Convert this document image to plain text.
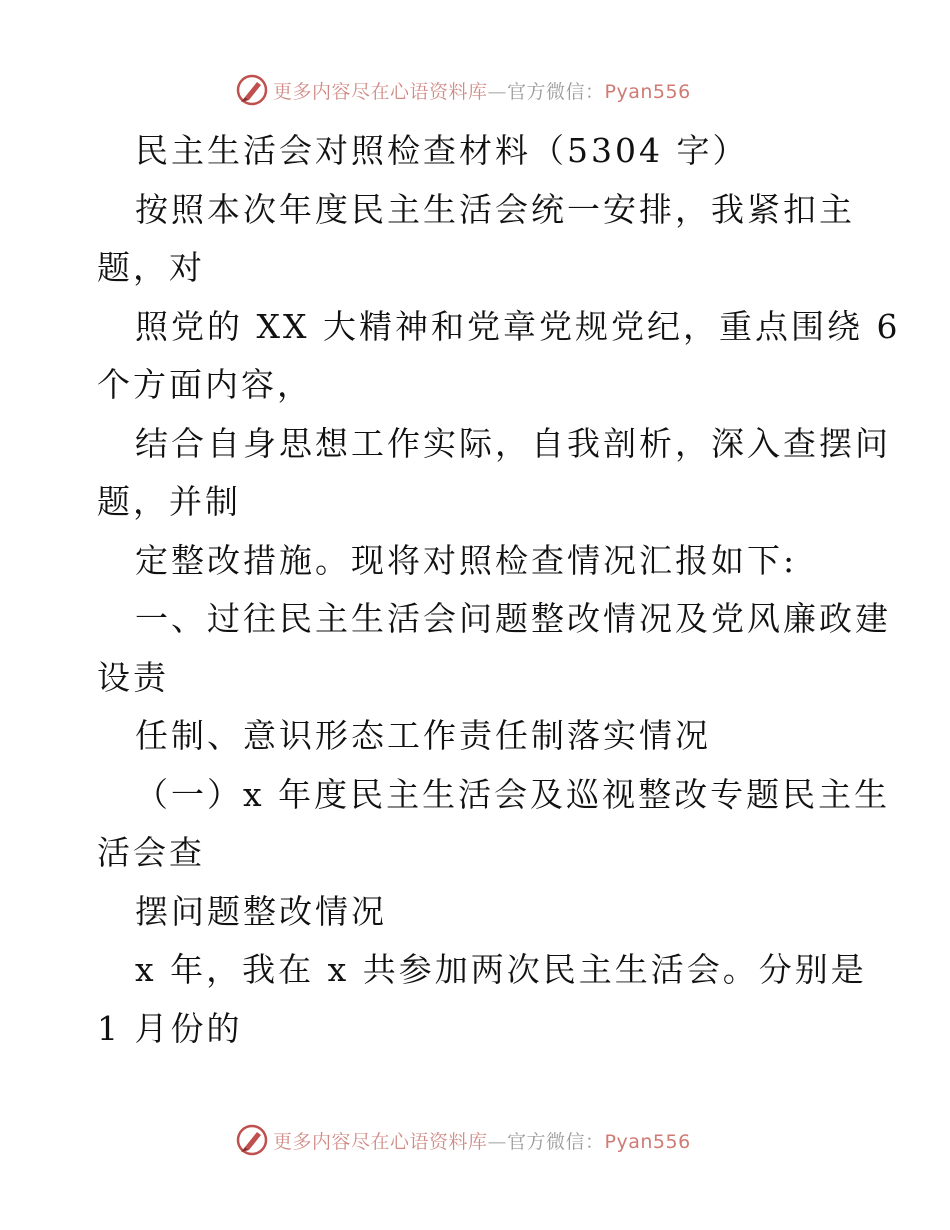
更多内容尽在心语资料库—官方微信：Pyan556
民主生活会对照检查材料（5304 字）
按照本次年度民主生活会统一安排，我紧扣主
题，对
照党的 XX 大精神和党章党规党纪，重点围绕 6
个方面内容，
结合自身思想工作实际，自我剖析，深入查摆问
题，并制
定整改措施。现将对照检查情况汇报如下:
一、过往民主生活会问题整改情况及党风廉政建
设责
任制、意识形态工作责任制落实情况
（一）x 年度民主生活会及巡视整改专题民主生
活会查
摆问题整改情况
x 年，我在 x 共参加两次民主生活会。分别是
1 月份的
更多内容尽在心语资料库—官方微信：Pyan556
